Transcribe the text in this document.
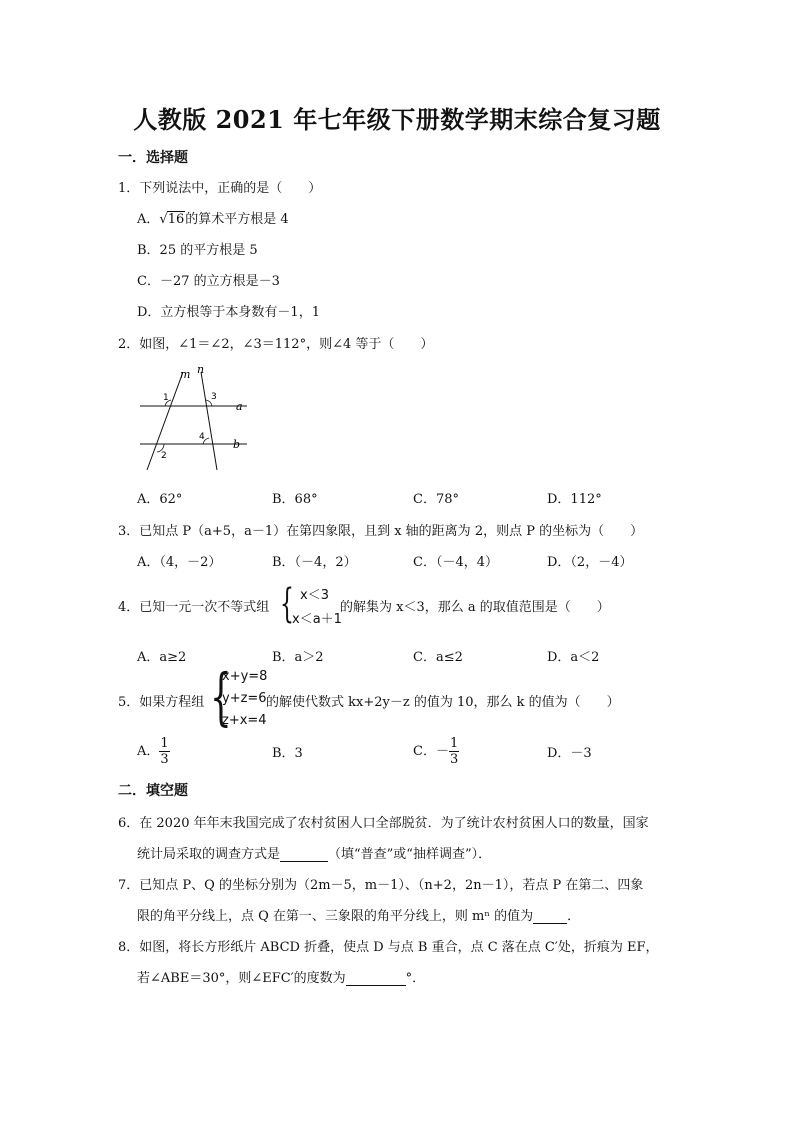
人教版 2021 年七年级下册数学期末综合复习题
一．选择题
1．下列说法中，正确的是（　　）
A．√16的算术平方根是 4
B．25 的平方根是 5
C．－27 的立方根是－3
D．立方根等于本身数有－1，1
2．如图，∠1＝∠2，∠3＝112°，则∠4 等于（　　）
m n
a
b
1	3
4
2
A．62°	B．68°	C．78°	D．112°
3．已知点 P（a+5，a－1）在第四象限，且到 x 轴的距离为 2，则点 P 的坐标为（　　）
A．（4，－2）	B．（－4，2）	C．（－4，4）	D．（2，－4）
4．已知一元一次不等式组 { x＜3
x＜a＋1
的解集为 x＜3，那么 a 的取值范围是（　　）
A．a≥2	B．a＞2	C．a≤2	D．a＜2
5．如果方程组 {
x+y=8
y+z=6
z+x=4
的解使代数式 kx+2y－z 的值为 10，那么 k 的值为（　　）
A． $\frac{1}{3}$	B．3	C．－ $\frac{1}{3}$	D．－3
二．填空题
6．在 2020 年年末我国完成了农村贫困人口全部脱贫．为了统计农村贫困人口的数量，国家
统计局采取的调查方式是	（填“普查”或“抽样调查”）．
7．已知点 P、Q 的坐标分别为（2m－5，m－1）、（n+2，2n－1），若点 P 在第二、四象
限的角平分线上，点 Q 在第一、三象限的角平分线上，则 mⁿ 的值为	．
8．如图，将长方形纸片 ABCD 折叠，使点 D 与点 B 重合，点 C 落在点 C′处，折痕为 EF，
若∠ABE＝30°，则∠EFC′的度数为	°．
